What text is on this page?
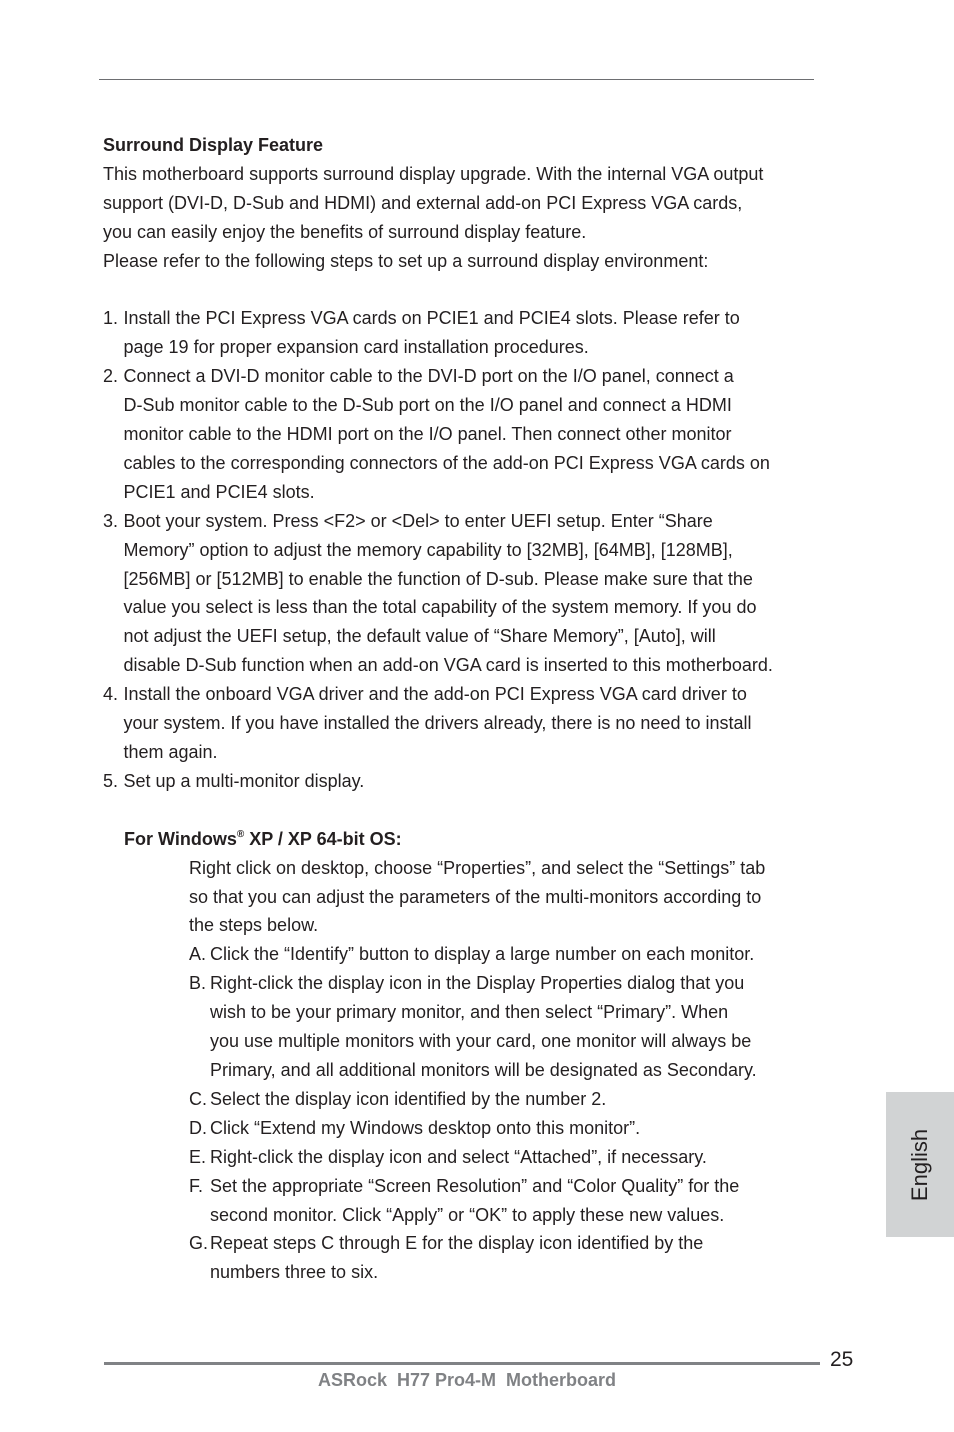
Surround Display Feature
This motherboard supports surround display upgrade. With the internal VGA output
support (DVI-D, D-Sub and HDMI) and external add-on PCI Express VGA cards,
you can easily enjoy the benefits of surround display feature.
Please refer to the following steps to set up a surround display environment:
1. Install the PCI Express VGA cards on PCIE1 and PCIE4 slots. Please refer to
page 19 for proper expansion card installation procedures.
2. Connect a DVI-D monitor cable to the DVI-D port on the I/O panel, connect a
D-Sub monitor cable to the D-Sub port on the I/O panel and connect a HDMI
monitor cable to the HDMI port on the I/O panel. Then connect other monitor
cables to the corresponding connectors of the add-on PCI Express VGA cards on
PCIE1 and PCIE4 slots.
3. Boot your system. Press <F2> or <Del> to enter UEFI setup. Enter “Share
Memory” option to adjust the memory capability to [32MB], [64MB], [128MB],
[256MB] or [512MB] to enable the function of D-sub. Please make sure that the
value you select is less than the total capability of the system memory. If you do
not adjust the UEFI setup, the default value of “Share Memory”, [Auto], will
disable D-Sub function when an add-on VGA card is inserted to this motherboard.
4. Install the onboard VGA driver and the add-on PCI Express VGA card driver to
your system. If you have installed the drivers already, there is no need to install
them again.
5. Set up a multi-monitor display.
For Windows® XP / XP 64-bit OS:
Right click on desktop, choose “Properties”, and select the “Settings” tab
so that you can adjust the parameters of the multi-monitors according to
the steps below.
A. Click the “Identify” button to display a large number on each monitor.
B. Right-click the display icon in the Display Properties dialog that you
wish to be your primary monitor, and then select “Primary”. When
you use multiple monitors with your card, one monitor will always be
Primary, and all additional monitors will be designated as Secondary.
C. Select the display icon identified by the number 2.
D. Click “Extend my Windows desktop onto this monitor”.
E. Right-click the display icon and select “Attached”, if necessary.
F. Set the appropriate “Screen Resolution” and “Color Quality” for the
second monitor. Click “Apply” or “OK” to apply these new values.
G. Repeat steps C through E for the display icon identified by the
numbers three to six.
English
25
ASRock  H77 Pro4-M  Motherboard
